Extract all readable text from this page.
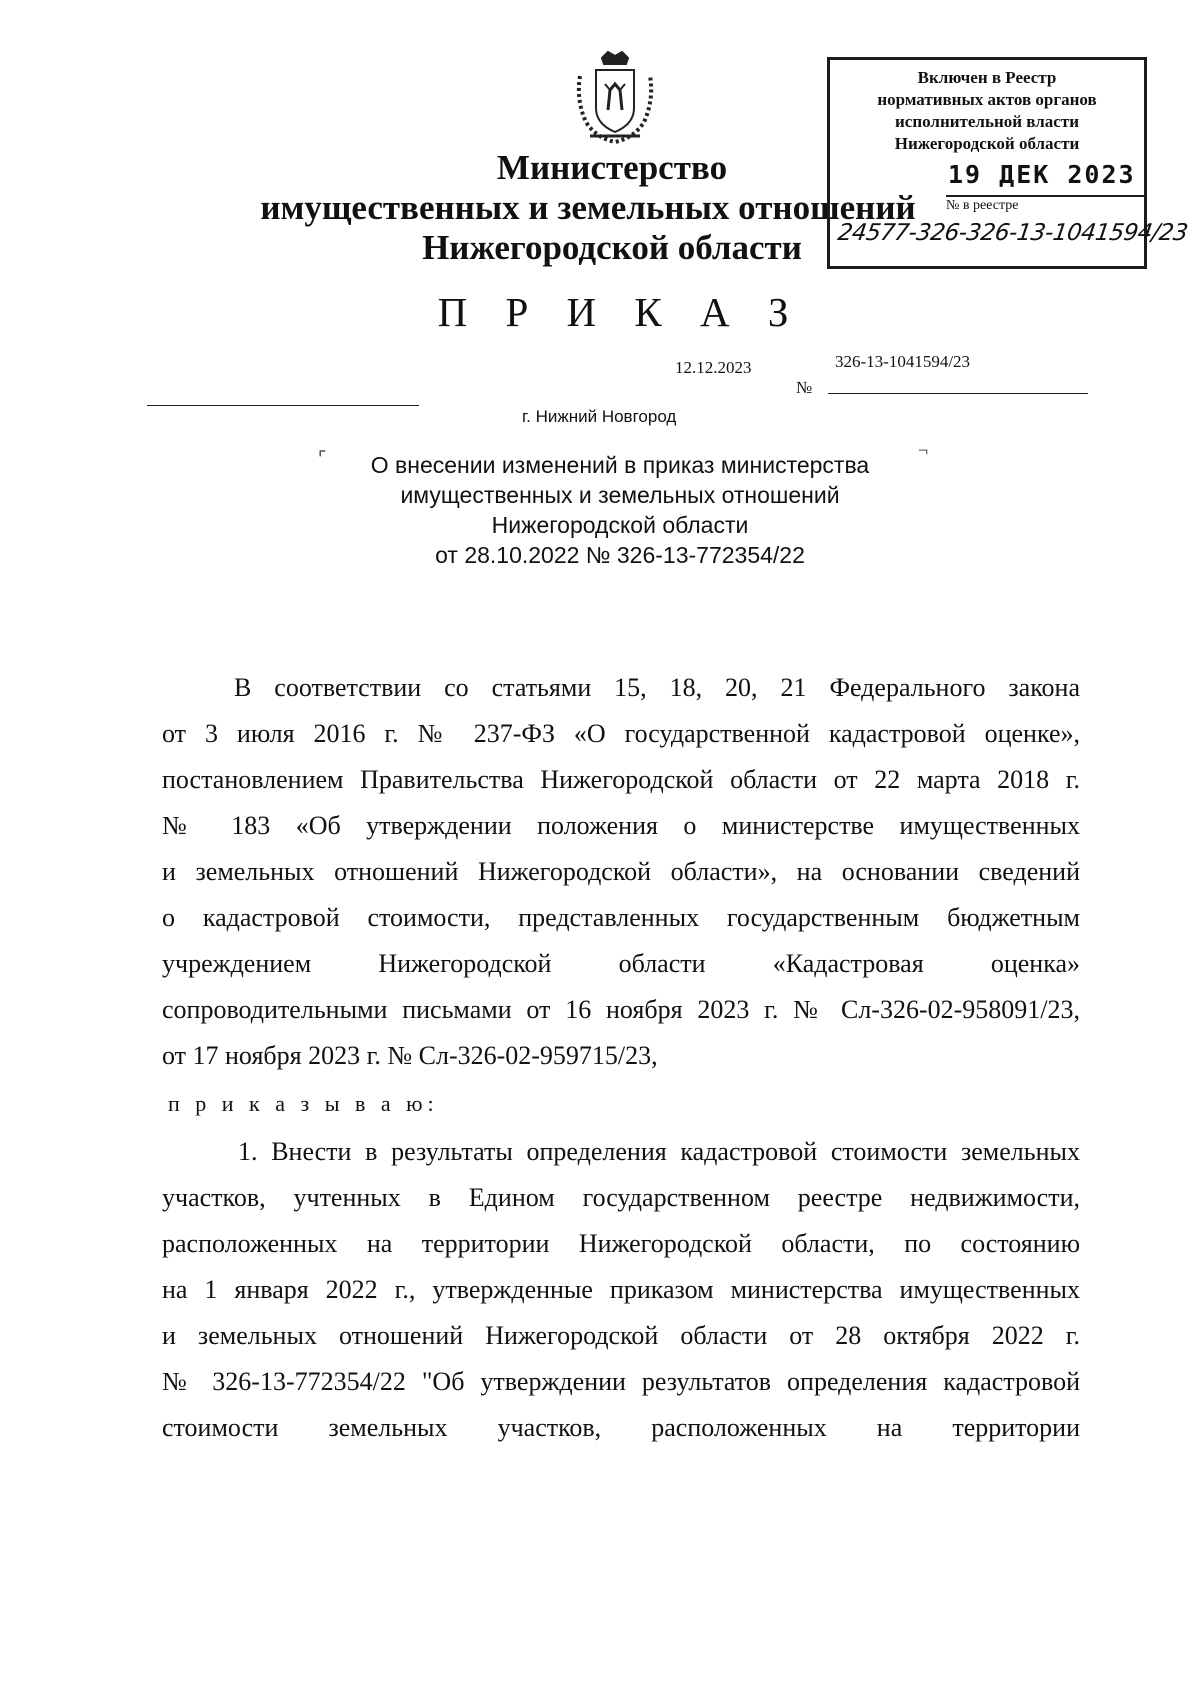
Министерство
имущественных и земельных отношений
Нижегородской области
Включен в Реестр
нормативных актов органов
исполнительной власти
Нижегородской области
19 ДЕК 2023
№ в реестре
24577-326-326-13-1041594/23
П Р И К А З
12.12.2023	326-13-1041594/23
№
г. Нижний Новгород
⌜	¬
О внесении изменений в приказ министерства
имущественных и земельных отношений
Нижегородской области
от 28.10.2022 № 326-13-772354/22
В соответствии со статьями 15, 18, 20, 21 Федерального закона
от 3 июля 2016 г. № 237-ФЗ «О государственной кадастровой оценке»,
постановлением Правительства Нижегородской области от 22 марта 2018 г.
№ 183 «Об утверждении положения о министерстве имущественных
и земельных отношений Нижегородской области», на основании сведений
о кадастровой стоимости, представленных государственным бюджетным
учреждением Нижегородской области «Кадастровая оценка»
сопроводительными письмами от 16 ноября 2023 г. № Сл-326-02-958091/23,
от 17 ноября 2023 г. № Сл-326-02-959715/23,
п р и к а з ы в а ю:
1. Внести в результаты определения кадастровой стоимости земельных
участков, учтенных в Едином государственном реестре недвижимости,
расположенных на территории Нижегородской области, по состоянию
на 1 января 2022 г., утвержденные приказом министерства имущественных
и земельных отношений Нижегородской области от 28 октября 2022 г.
№ 326-13-772354/22 "Об утверждении результатов определения кадастровой
стоимости земельных участков, расположенных на территории
